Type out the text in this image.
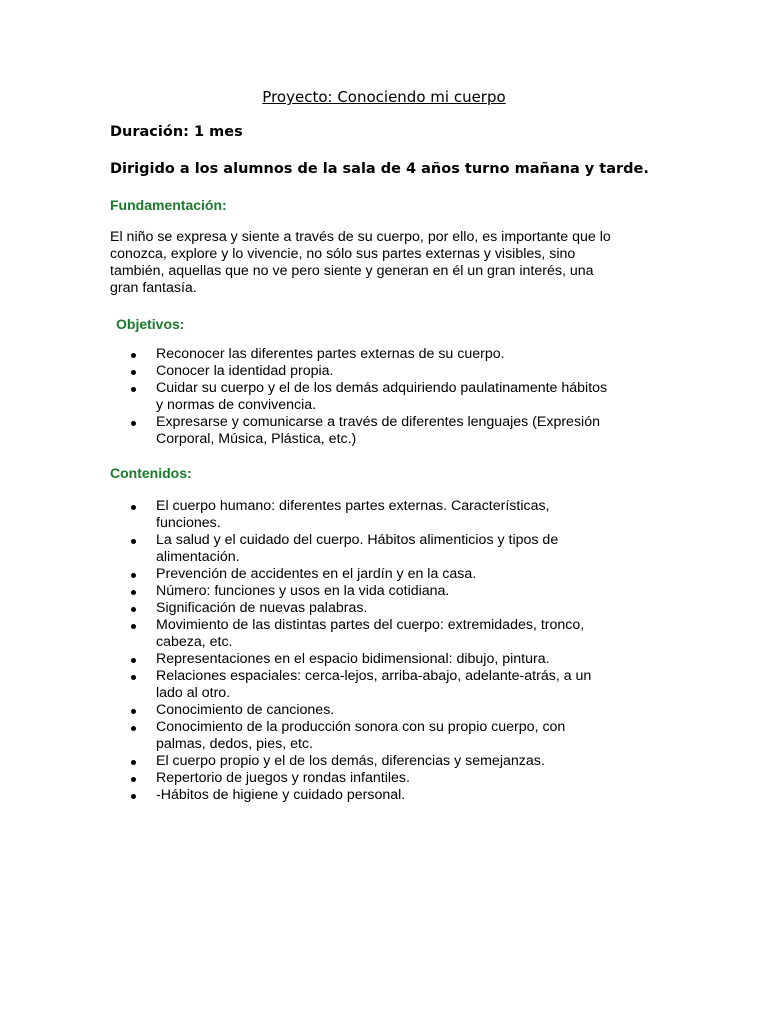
Proyecto: Conociendo mi cuerpo

Duración: 1 mes

Dirigido a los alumnos de la sala de 4 años turno mañana y tarde.

Fundamentación:

El niño se expresa y siente a través de su cuerpo, por ello, es importante que lo
conozca, explore y lo vivencie, no sólo sus partes externas y visibles, sino
también, aquellas que no ve pero siente y generan en él un gran interés, una
gran fantasía.

Objetivos:
Reconocer las diferentes partes externas de su cuerpo.
Conocer la identidad propia.
Cuidar su cuerpo y el de los demás adquiriendo paulatinamente hábitos
y normas de convivencia.
Expresarse y comunicarse a través de diferentes lenguajes (Expresión
Corporal, Música, Plástica, etc.)
Contenidos:
El cuerpo humano: diferentes partes externas. Características,
funciones.
La salud y el cuidado del cuerpo. Hábitos alimenticios y tipos de
alimentación.
Prevención de accidentes en el jardín y en la casa.
Número: funciones y usos en la vida cotidiana.
Significación de nuevas palabras.
Movimiento de las distintas partes del cuerpo: extremidades, tronco,
cabeza, etc.
Representaciones en el espacio bidimensional: dibujo, pintura.
Relaciones espaciales: cerca-lejos, arriba-abajo, adelante-atrás, a un
lado al otro.
Conocimiento de canciones.
Conocimiento de la producción sonora con su propio cuerpo, con
palmas, dedos, pies, etc.
El cuerpo propio y el de los demás, diferencias y semejanzas.
Repertorio de juegos y rondas infantiles.
-Hábitos de higiene y cuidado personal.
